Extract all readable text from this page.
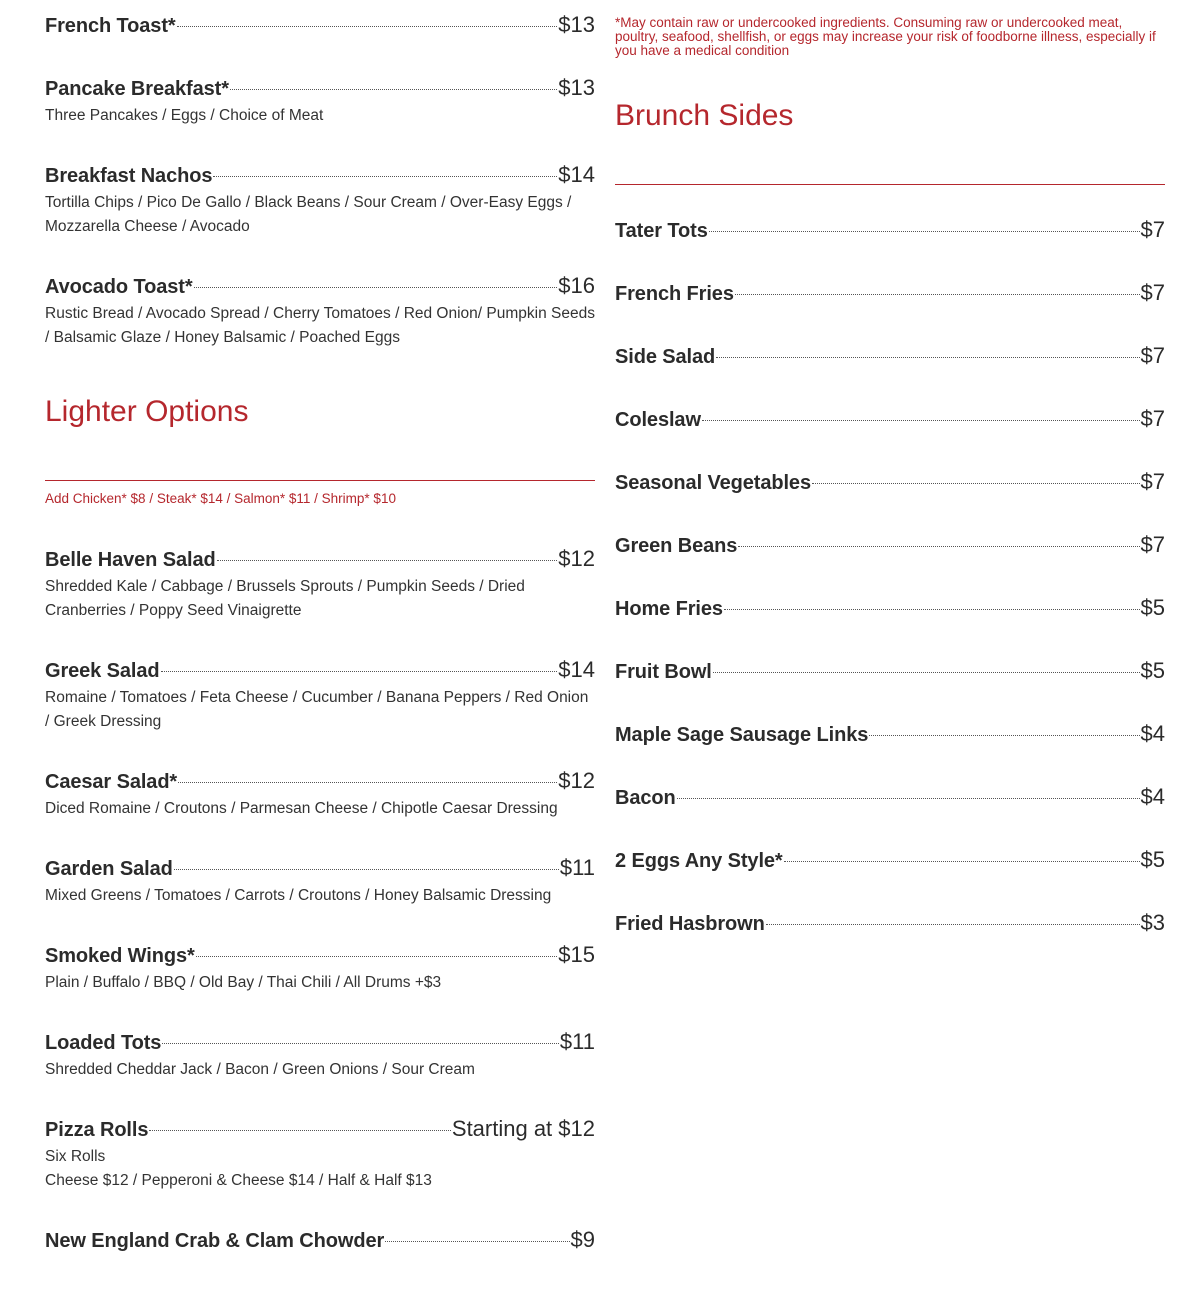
French Toast*	$13
Pancake Breakfast*	$13
Three Pancakes / Eggs / Choice of Meat
Breakfast Nachos	$14
Tortilla Chips / Pico De Gallo / Black Beans / Sour Cream / Over-Easy Eggs / Mozzarella Cheese / Avocado
Avocado Toast*	$16
Rustic Bread / Avocado Spread / Cherry Tomatoes / Red Onion/ Pumpkin Seeds / Balsamic Glaze / Honey Balsamic / Poached Eggs
Lighter Options
Add Chicken* $8 / Steak* $14 / Salmon* $11 / Shrimp* $10
Belle Haven Salad	$12
Shredded Kale / Cabbage / Brussels Sprouts / Pumpkin Seeds / Dried Cranberries / Poppy Seed Vinaigrette
Greek Salad	$14
Romaine / Tomatoes / Feta Cheese / Cucumber / Banana Peppers / Red Onion / Greek Dressing
Caesar Salad*	$12
Diced Romaine / Croutons / Parmesan Cheese / Chipotle Caesar Dressing
Garden Salad	$11
Mixed Greens / Tomatoes / Carrots / Croutons / Honey Balsamic Dressing
Smoked Wings*	$15
Plain / Buffalo / BBQ / Old Bay / Thai Chili / All Drums +$3
Loaded Tots	$11
Shredded Cheddar Jack / Bacon / Green Onions / Sour Cream
Pizza Rolls	Starting at $12
Six Rolls
Cheese $12 / Pepperoni & Cheese $14 / Half & Half $13
New England Crab & Clam Chowder	$9
*May contain raw or undercooked ingredients. Consuming raw or undercooked meat, poultry, seafood, shellfish, or eggs may increase your risk of foodborne illness, especially if you have a medical condition
Brunch Sides
Tater Tots	$7
French Fries	$7
Side Salad	$7
Coleslaw	$7
Seasonal Vegetables	$7
Green Beans	$7
Home Fries	$5
Fruit Bowl	$5
Maple Sage Sausage Links	$4
Bacon	$4
2 Eggs Any Style*	$5
Fried Hasbrown	$3
